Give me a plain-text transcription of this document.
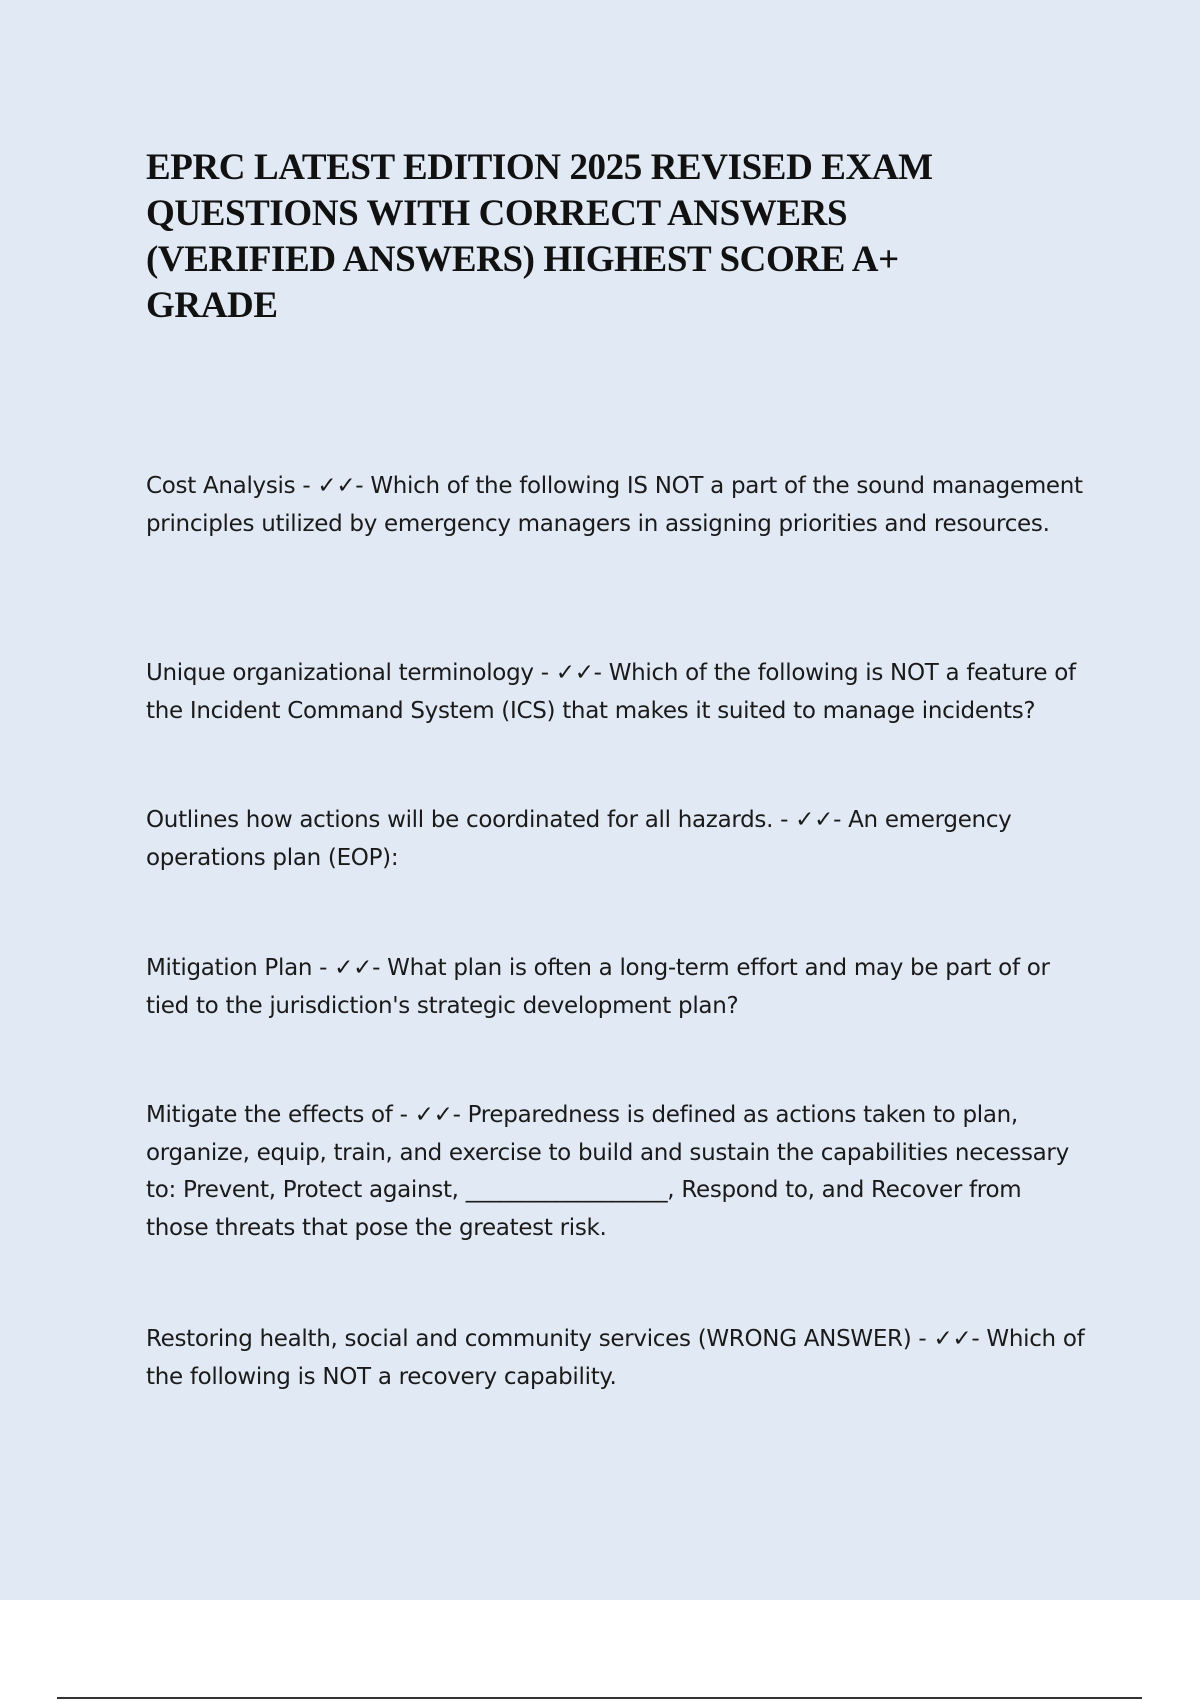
EPRC LATEST EDITION 2025 REVISED EXAM QUESTIONS WITH CORRECT ANSWERS (VERIFIED ANSWERS) HIGHEST SCORE A+ GRADE

Cost Analysis - ✓✓- Which of the following IS NOT a part of the sound management principles utilized by emergency managers in assigning priorities and resources.

Unique organizational terminology - ✓✓- Which of the following is NOT a feature of the Incident Command System (ICS) that makes it suited to manage incidents?

Outlines how actions will be coordinated for all hazards. - ✓✓- An emergency operations plan (EOP):

Mitigation Plan - ✓✓- What plan is often a long-term effort and may be part of or tied to the jurisdiction's strategic development plan?

Mitigate the effects of - ✓✓- Preparedness is defined as actions taken to plan, organize, equip, train, and exercise to build and sustain the capabilities necessary to: Prevent, Protect against, __________________, Respond to, and Recover from those threats that pose the greatest risk.

Restoring health, social and community services (WRONG ANSWER) - ✓✓- Which of the following is NOT a recovery capability.
